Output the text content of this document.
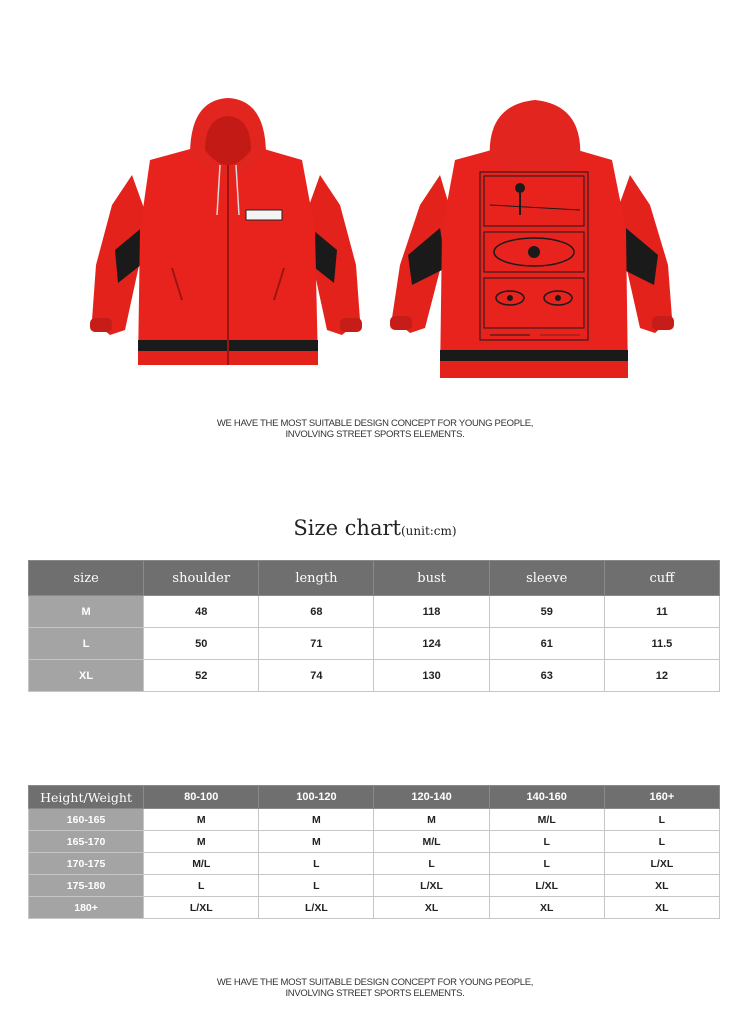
WE HAVE THE MOST SUITABLE DESIGN CONCEPT FOR YOUNG PEOPLE,
INVOLVING STREET SPORTS ELEMENTS.
Size chart(unit:cm)
size	shoulder	length	bust	sleeve	cuff
M	48	68	118	59	11
L	50	71	124	61	11.5
XL	52	74	130	63	12
Height/Weight	80-100	100-120	120-140	140-160	160+
160-165	M	M	M	M/L	L
165-170	M	M	M/L	L	L
170-175	M/L	L	L	L	L/XL
175-180	L	L	L/XL	L/XL	XL
180+	L/XL	L/XL	XL	XL	XL
WE HAVE THE MOST SUITABLE DESIGN CONCEPT FOR YOUNG PEOPLE,
INVOLVING STREET SPORTS ELEMENTS.
